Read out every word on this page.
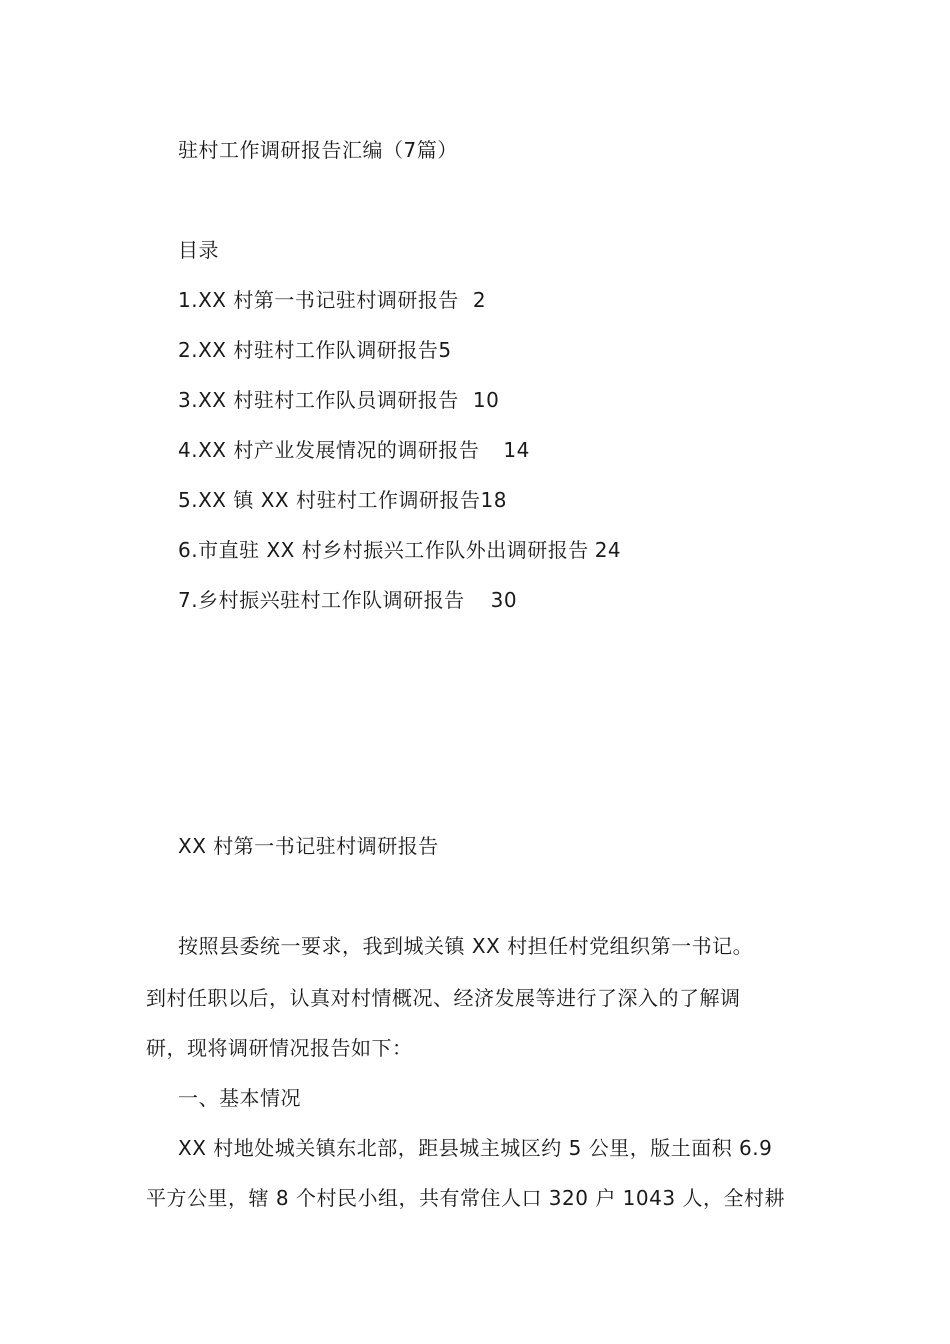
驻村工作调研报告汇编（7篇）
目录
1.XX 村第一书记驻村调研报告 2
2.XX 村驻村工作队调研报告5
3.XX 村驻村工作队员调研报告 10
4.XX 村产业发展情况的调研报告 14
5.XX 镇 XX 村驻村工作调研报告18
6.市直驻 XX 村乡村振兴工作队外出调研报告 24
7.乡村振兴驻村工作队调研报告 30
XX 村第一书记驻村调研报告
按照县委统一要求，我到城关镇 XX 村担任村党组织第一书记。
到村任职以后，认真对村情概况、经济发展等进行了深入的了解调
研，现将调研情况报告如下：
一、基本情况
XX 村地处城关镇东北部，距县城主城区约 5 公里，版土面积 6.9
平方公里，辖 8 个村民小组，共有常住人口 320 户 1043 人，全村耕
